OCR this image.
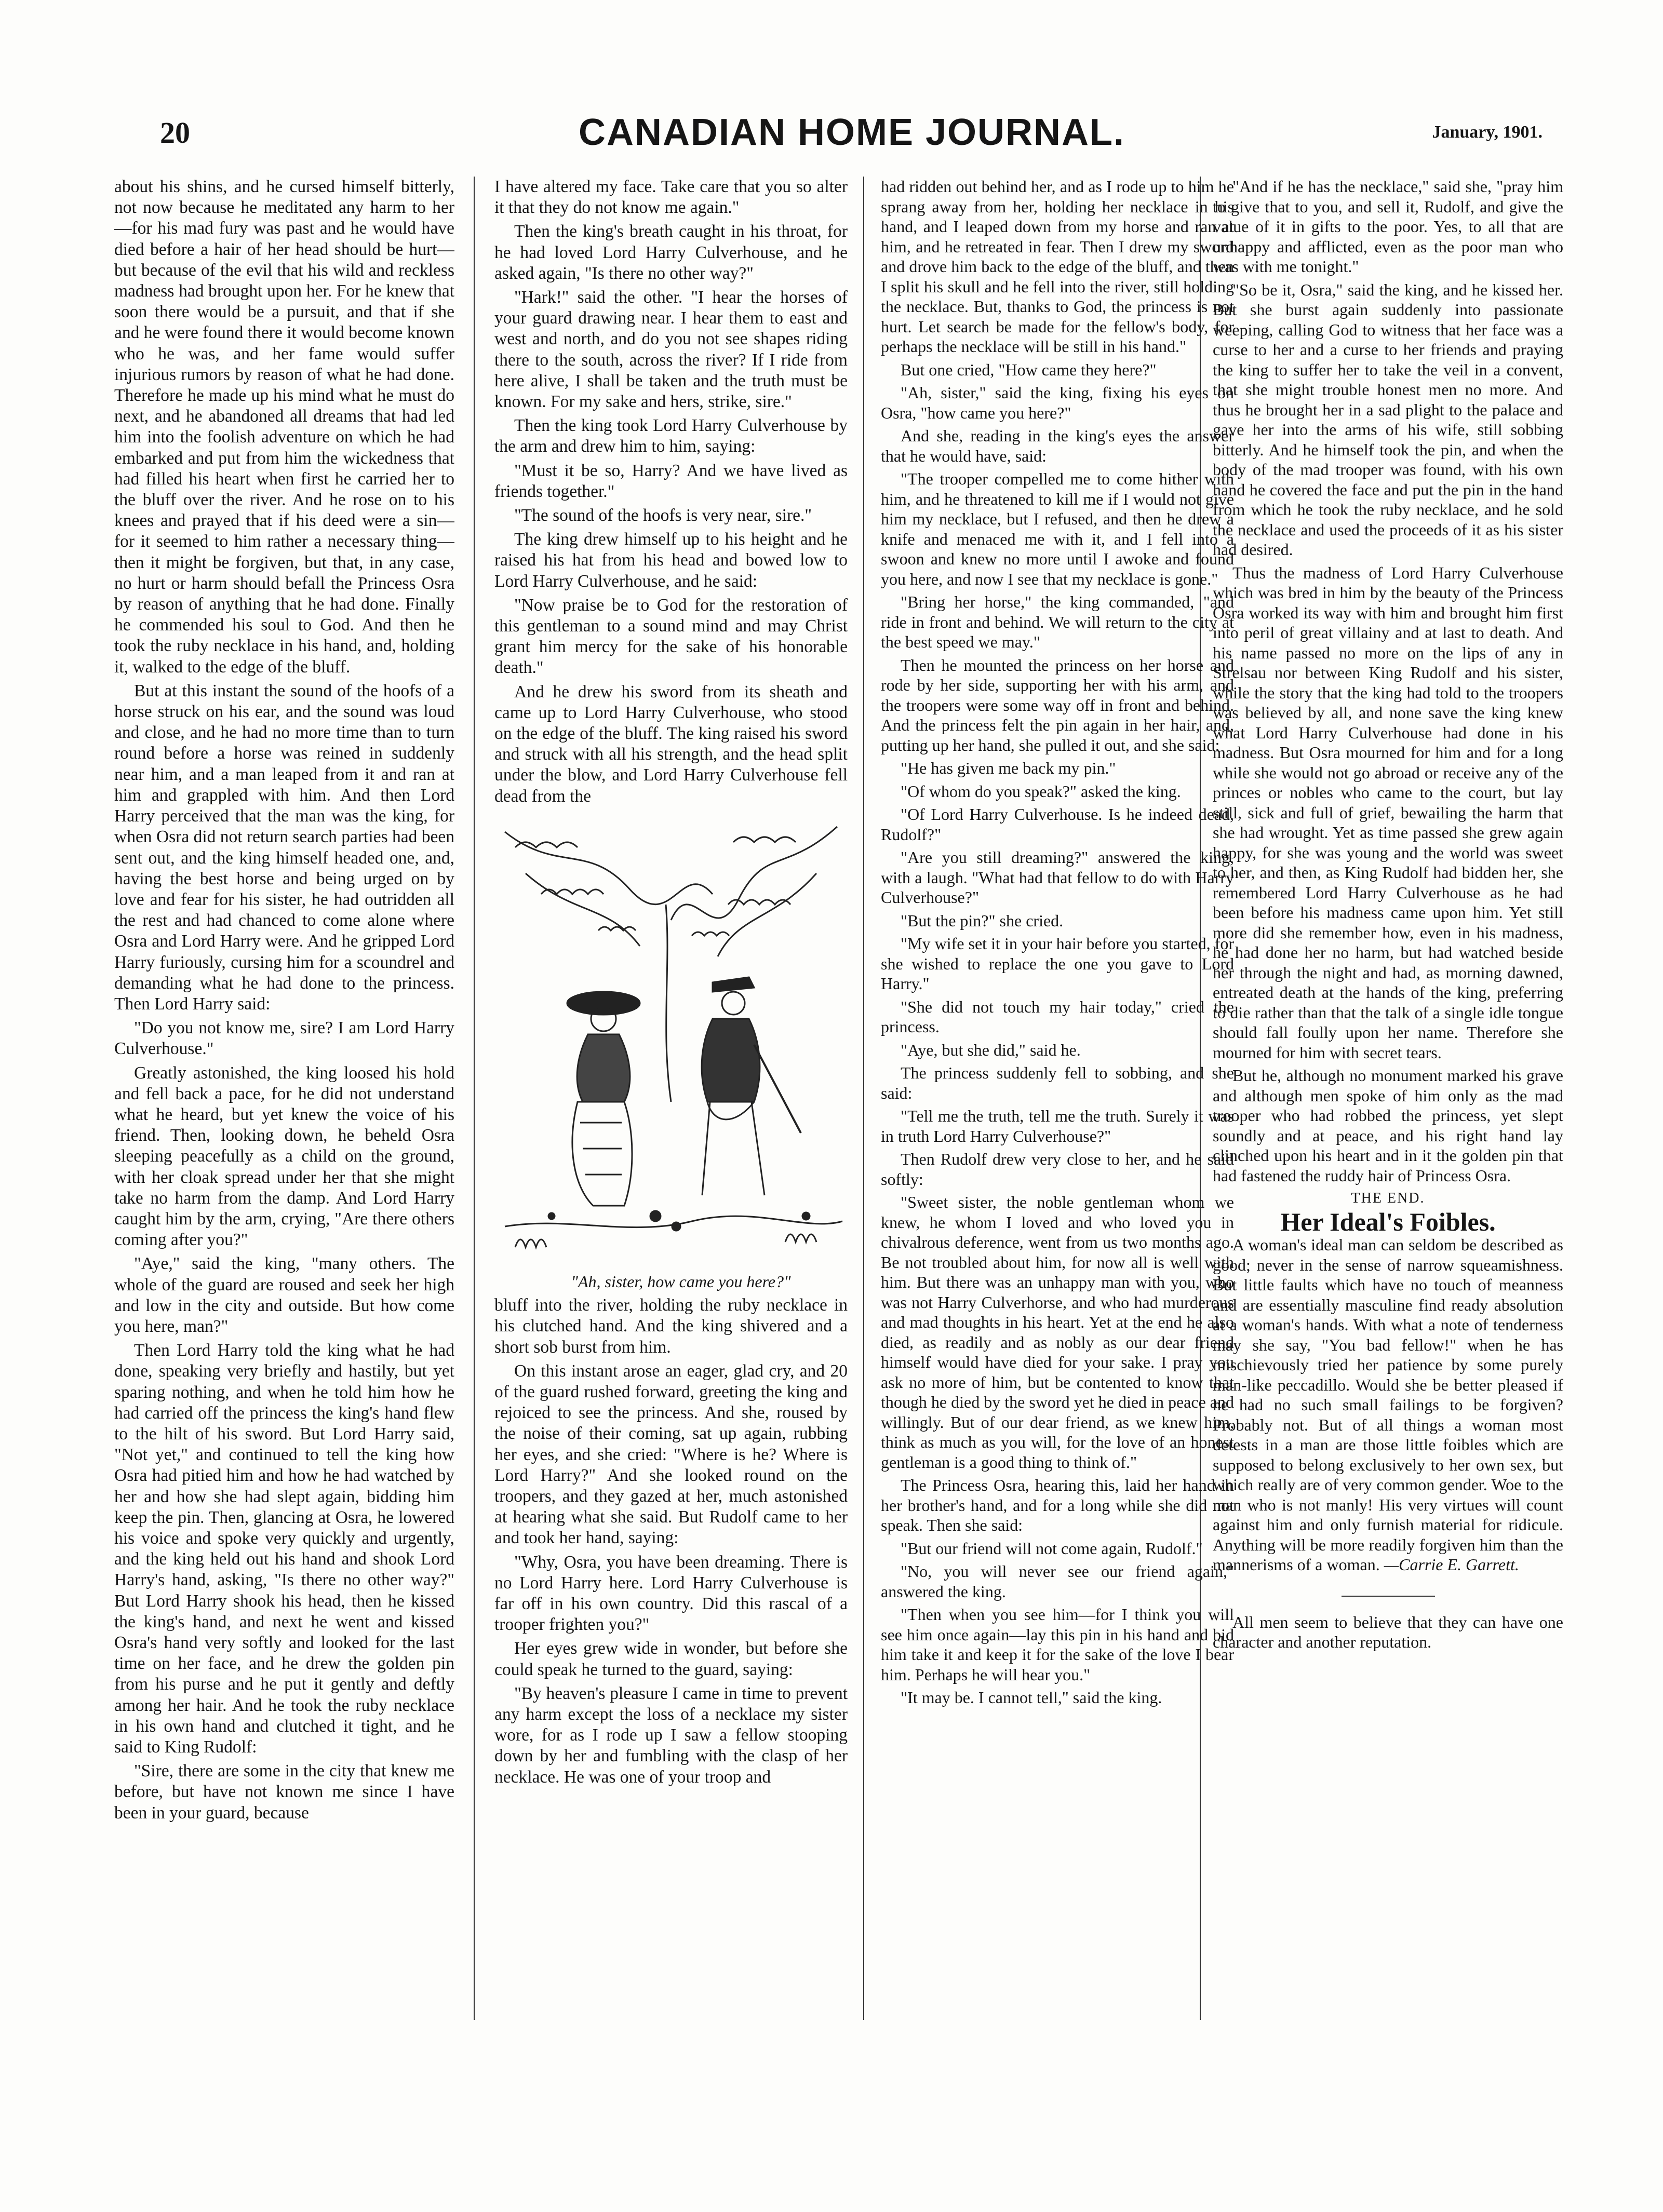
20	CANADIAN HOME JOURNAL.	January, 1901.

about his shins, and he cursed himself bitterly, not now because he meditated any harm to her—for his mad fury was past and he would have died before a hair of her head should be hurt—but because of the evil that his wild and reckless madness had brought upon her. For he knew that soon there would be a pursuit, and that if she and he were found there it would become known who he was, and her fame would suffer injurious rumors by reason of what he had done. Therefore he made up his mind what he must do next, and he abandoned all dreams that had led him into the foolish adventure on which he had embarked and put from him the wickedness that had filled his heart when first he carried her to the bluff over the river. And he rose on to his knees and prayed that if his deed were a sin—for it seemed to him rather a necessary thing—then it might be forgiven, but that, in any case, no hurt or harm should befall the Princess Osra by reason of anything that he had done. Finally he commended his soul to God. And then he took the ruby necklace in his hand, and, holding it, walked to the edge of the bluff.

But at this instant the sound of the hoofs of a horse struck on his ear, and the sound was loud and close, and he had no more time than to turn round before a horse was reined in suddenly near him, and a man leaped from it and ran at him and grappled with him. And then Lord Harry perceived that the man was the king, for when Osra did not return search parties had been sent out, and the king himself headed one, and, having the best horse and being urged on by love and fear for his sister, he had outridden all the rest and had chanced to come alone where Osra and Lord Harry were. And he gripped Lord Harry furiously, cursing him for a scoundrel and demanding what he had done to the princess. Then Lord Harry said:

"Do you not know me, sire? I am Lord Harry Culverhouse."

Greatly astonished, the king loosed his hold and fell back a pace, for he did not understand what he heard, but yet knew the voice of his friend. Then, looking down, he beheld Osra sleeping peacefully as a child on the ground, with her cloak spread under her that she might take no harm from the damp. And Lord Harry caught him by the arm, crying, "Are there others coming after you?"

"Aye," said the king, "many others. The whole of the guard are roused and seek her high and low in the city and outside. But how come you here, man?"

Then Lord Harry told the king what he had done, speaking very briefly and hastily, but yet sparing nothing, and when he told him how he had carried off the princess the king's hand flew to the hilt of his sword. But Lord Harry said, "Not yet," and continued to tell the king how Osra had pitied him and how he had watched by her and how she had slept again, bidding him keep the pin. Then, glancing at Osra, he lowered his voice and spoke very quickly and urgently, and the king held out his hand and shook Lord Harry's hand, asking, "Is there no other way?" But Lord Harry shook his head, then he kissed the king's hand, and next he went and kissed Osra's hand very softly and looked for the last time on her face, and he drew the golden pin from his purse and he put it gently and deftly among her hair. And he took the ruby necklace in his own hand and clutched it tight, and he said to King Rudolf:

"Sire, there are some in the city that knew me before, but have not known me since I have been in your guard, because

I have altered my face. Take care that you so alter it that they do not know me again."

Then the king's breath caught in his throat, for he had loved Lord Harry Culverhouse, and he asked again, "Is there no other way?"

"Hark!" said the other. "I hear the horses of your guard drawing near. I hear them to east and west and north, and do you not see shapes riding there to the south, across the river? If I ride from here alive, I shall be taken and the truth must be known. For my sake and hers, strike, sire."

Then the king took Lord Harry Culverhouse by the arm and drew him to him, saying:

"Must it be so, Harry? And we have lived as friends together."

"The sound of the hoofs is very near, sire."

The king drew himself up to his height and he raised his hat from his head and bowed low to Lord Harry Culverhouse, and he said:

"Now praise be to God for the restoration of this gentleman to a sound mind and may Christ grant him mercy for the sake of his honorable death."

And he drew his sword from its sheath and came up to Lord Harry Culverhouse, who stood on the edge of the bluff. The king raised his sword and struck with all his strength, and the head split under the blow, and Lord Harry Culverhouse fell dead from the

"Ah, sister, how came you here?"

bluff into the river, holding the ruby necklace in his clutched hand. And the king shivered and a short sob burst from him.

On this instant arose an eager, glad cry, and 20 of the guard rushed forward, greeting the king and rejoiced to see the princess. And she, roused by the noise of their coming, sat up again, rubbing her eyes, and she cried: "Where is he? Where is Lord Harry?" And she looked round on the troopers, and they gazed at her, much astonished at hearing what she said. But Rudolf came to her and took her hand, saying:

"Why, Osra, you have been dreaming. There is no Lord Harry here. Lord Harry Culverhouse is far off in his own country. Did this rascal of a trooper frighten you?"

Her eyes grew wide in wonder, but before she could speak he turned to the guard, saying:

"By heaven's pleasure I came in time to prevent any harm except the loss of a necklace my sister wore, for as I rode up I saw a fellow stooping down by her and fumbling with the clasp of her necklace. He was one of your troop and

had ridden out behind her, and as I rode up to him he sprang away from her, holding her necklace in his hand, and I leaped down from my horse and ran at him, and he retreated in fear. Then I drew my sword and drove him back to the edge of the bluff, and then I split his skull and he fell into the river, still holding the necklace. But, thanks to God, the princess is not hurt. Let search be made for the fellow's body, for perhaps the necklace will be still in his hand."

But one cried, "How came they here?"

"Ah, sister," said the king, fixing his eyes on Osra, "how came you here?"

And she, reading in the king's eyes the answer that he would have, said:

"The trooper compelled me to come hither with him, and he threatened to kill me if I would not give him my necklace, but I refused, and then he drew a knife and menaced me with it, and I fell into a swoon and knew no more until I awoke and found you here, and now I see that my necklace is gone."

"Bring her horse," the king commanded, "and ride in front and behind. We will return to the city at the best speed we may."

Then he mounted the princess on her horse and rode by her side, supporting her with his arm, and the troopers were some way off in front and behind. And the princess felt the pin again in her hair, and, putting up her hand, she pulled it out, and she said:

"He has given me back my pin."

"Of whom do you speak?" asked the king.

"Of Lord Harry Culverhouse. Is he indeed dead, Rudolf?"

"Are you still dreaming?" answered the king, with a laugh. "What had that fellow to do with Harry Culverhouse?"

"But the pin?" she cried.

"My wife set it in your hair before you started, for she wished to replace the one you gave to Lord Harry."

"She did not touch my hair today," cried the princess.

"Aye, but she did," said he.

The princess suddenly fell to sobbing, and she said:

"Tell me the truth, tell me the truth. Surely it was in truth Lord Harry Culverhouse?"

Then Rudolf drew very close to her, and he said softly:

"Sweet sister, the noble gentleman whom we knew, he whom I loved and who loved you in chivalrous deference, went from us two months ago. Be not troubled about him, for now all is well with him. But there was an unhappy man with you, who was not Harry Culverhorse, and who had murderous and mad thoughts in his heart. Yet at the end he also died, as readily and as nobly as our dear friend himself would have died for your sake. I pray you ask no more of him, but be contented to know that though he died by the sword yet he died in peace and willingly. But of our dear friend, as we knew him, think as much as you will, for the love of an honest gentleman is a good thing to think of."

The Princess Osra, hearing this, laid her hand in her brother's hand, and for a long while she did not speak. Then she said:

"But our friend will not come again, Rudolf."

"No, you will never see our friend again," answered the king.

"Then when you see him—for I think you will see him once again—lay this pin in his hand and bid him take it and keep it for the sake of the love I bear him. Perhaps he will hear you."

"It may be. I cannot tell," said the king.

"And if he has the necklace," said she, "pray him to give that to you, and sell it, Rudolf, and give the value of it in gifts to the poor. Yes, to all that are unhappy and afflicted, even as the poor man who was with me tonight."

"So be it, Osra," said the king, and he kissed her. But she burst again suddenly into passionate weeping, calling God to witness that her face was a curse to her and a curse to her friends and praying the king to suffer her to take the veil in a convent, that she might trouble honest men no more. And thus he brought her in a sad plight to the palace and gave her into the arms of his wife, still sobbing bitterly. And he himself took the pin, and when the body of the mad trooper was found, with his own hand he covered the face and put the pin in the hand from which he took the ruby necklace, and he sold the necklace and used the proceeds of it as his sister had desired.

Thus the madness of Lord Harry Culverhouse which was bred in him by the beauty of the Princess Osra worked its way with him and brought him first into peril of great villainy and at last to death. And his name passed no more on the lips of any in Strelsau nor between King Rudolf and his sister, while the story that the king had told to the troopers was believed by all, and none save the king knew what Lord Harry Culverhouse had done in his madness. But Osra mourned for him and for a long while she would not go abroad or receive any of the princes or nobles who came to the court, but lay still, sick and full of grief, bewailing the harm that she had wrought. Yet as time passed she grew again happy, for she was young and the world was sweet to her, and then, as King Rudolf had bidden her, she remembered Lord Harry Culverhouse as he had been before his madness came upon him. Yet still more did she remember how, even in his madness, he had done her no harm, but had watched beside her through the night and had, as morning dawned, entreated death at the hands of the king, preferring to die rather than that the talk of a single idle tongue should fall foully upon her name. Therefore she mourned for him with secret tears.

But he, although no monument marked his grave and although men spoke of him only as the mad trooper who had robbed the princess, yet slept soundly and at peace, and his right hand lay clinched upon his heart and in it the golden pin that had fastened the ruddy hair of Princess Osra.

THE END.

Her Ideal's Foibles.

A woman's ideal man can seldom be described as good; never in the sense of narrow squeamishness. But little faults which have no touch of meanness and are essentially masculine find ready absolution at a woman's hands. With what a note of tenderness may she say, "You bad fellow!" when he has mischievously tried her patience by some purely man-like peccadillo. Would she be better pleased if he had no such small failings to be forgiven? Probably not. But of all things a woman most detests in a man are those little foibles which are supposed to belong exclusively to her own sex, but which really are of very common gender. Woe to the man who is not manly! His very virtues will count against him and only furnish material for ridicule. Anything will be more readily forgiven him than the mannerisms of a woman. —Carrie E. Garrett.

All men seem to believe that they can have one character and another reputation.
